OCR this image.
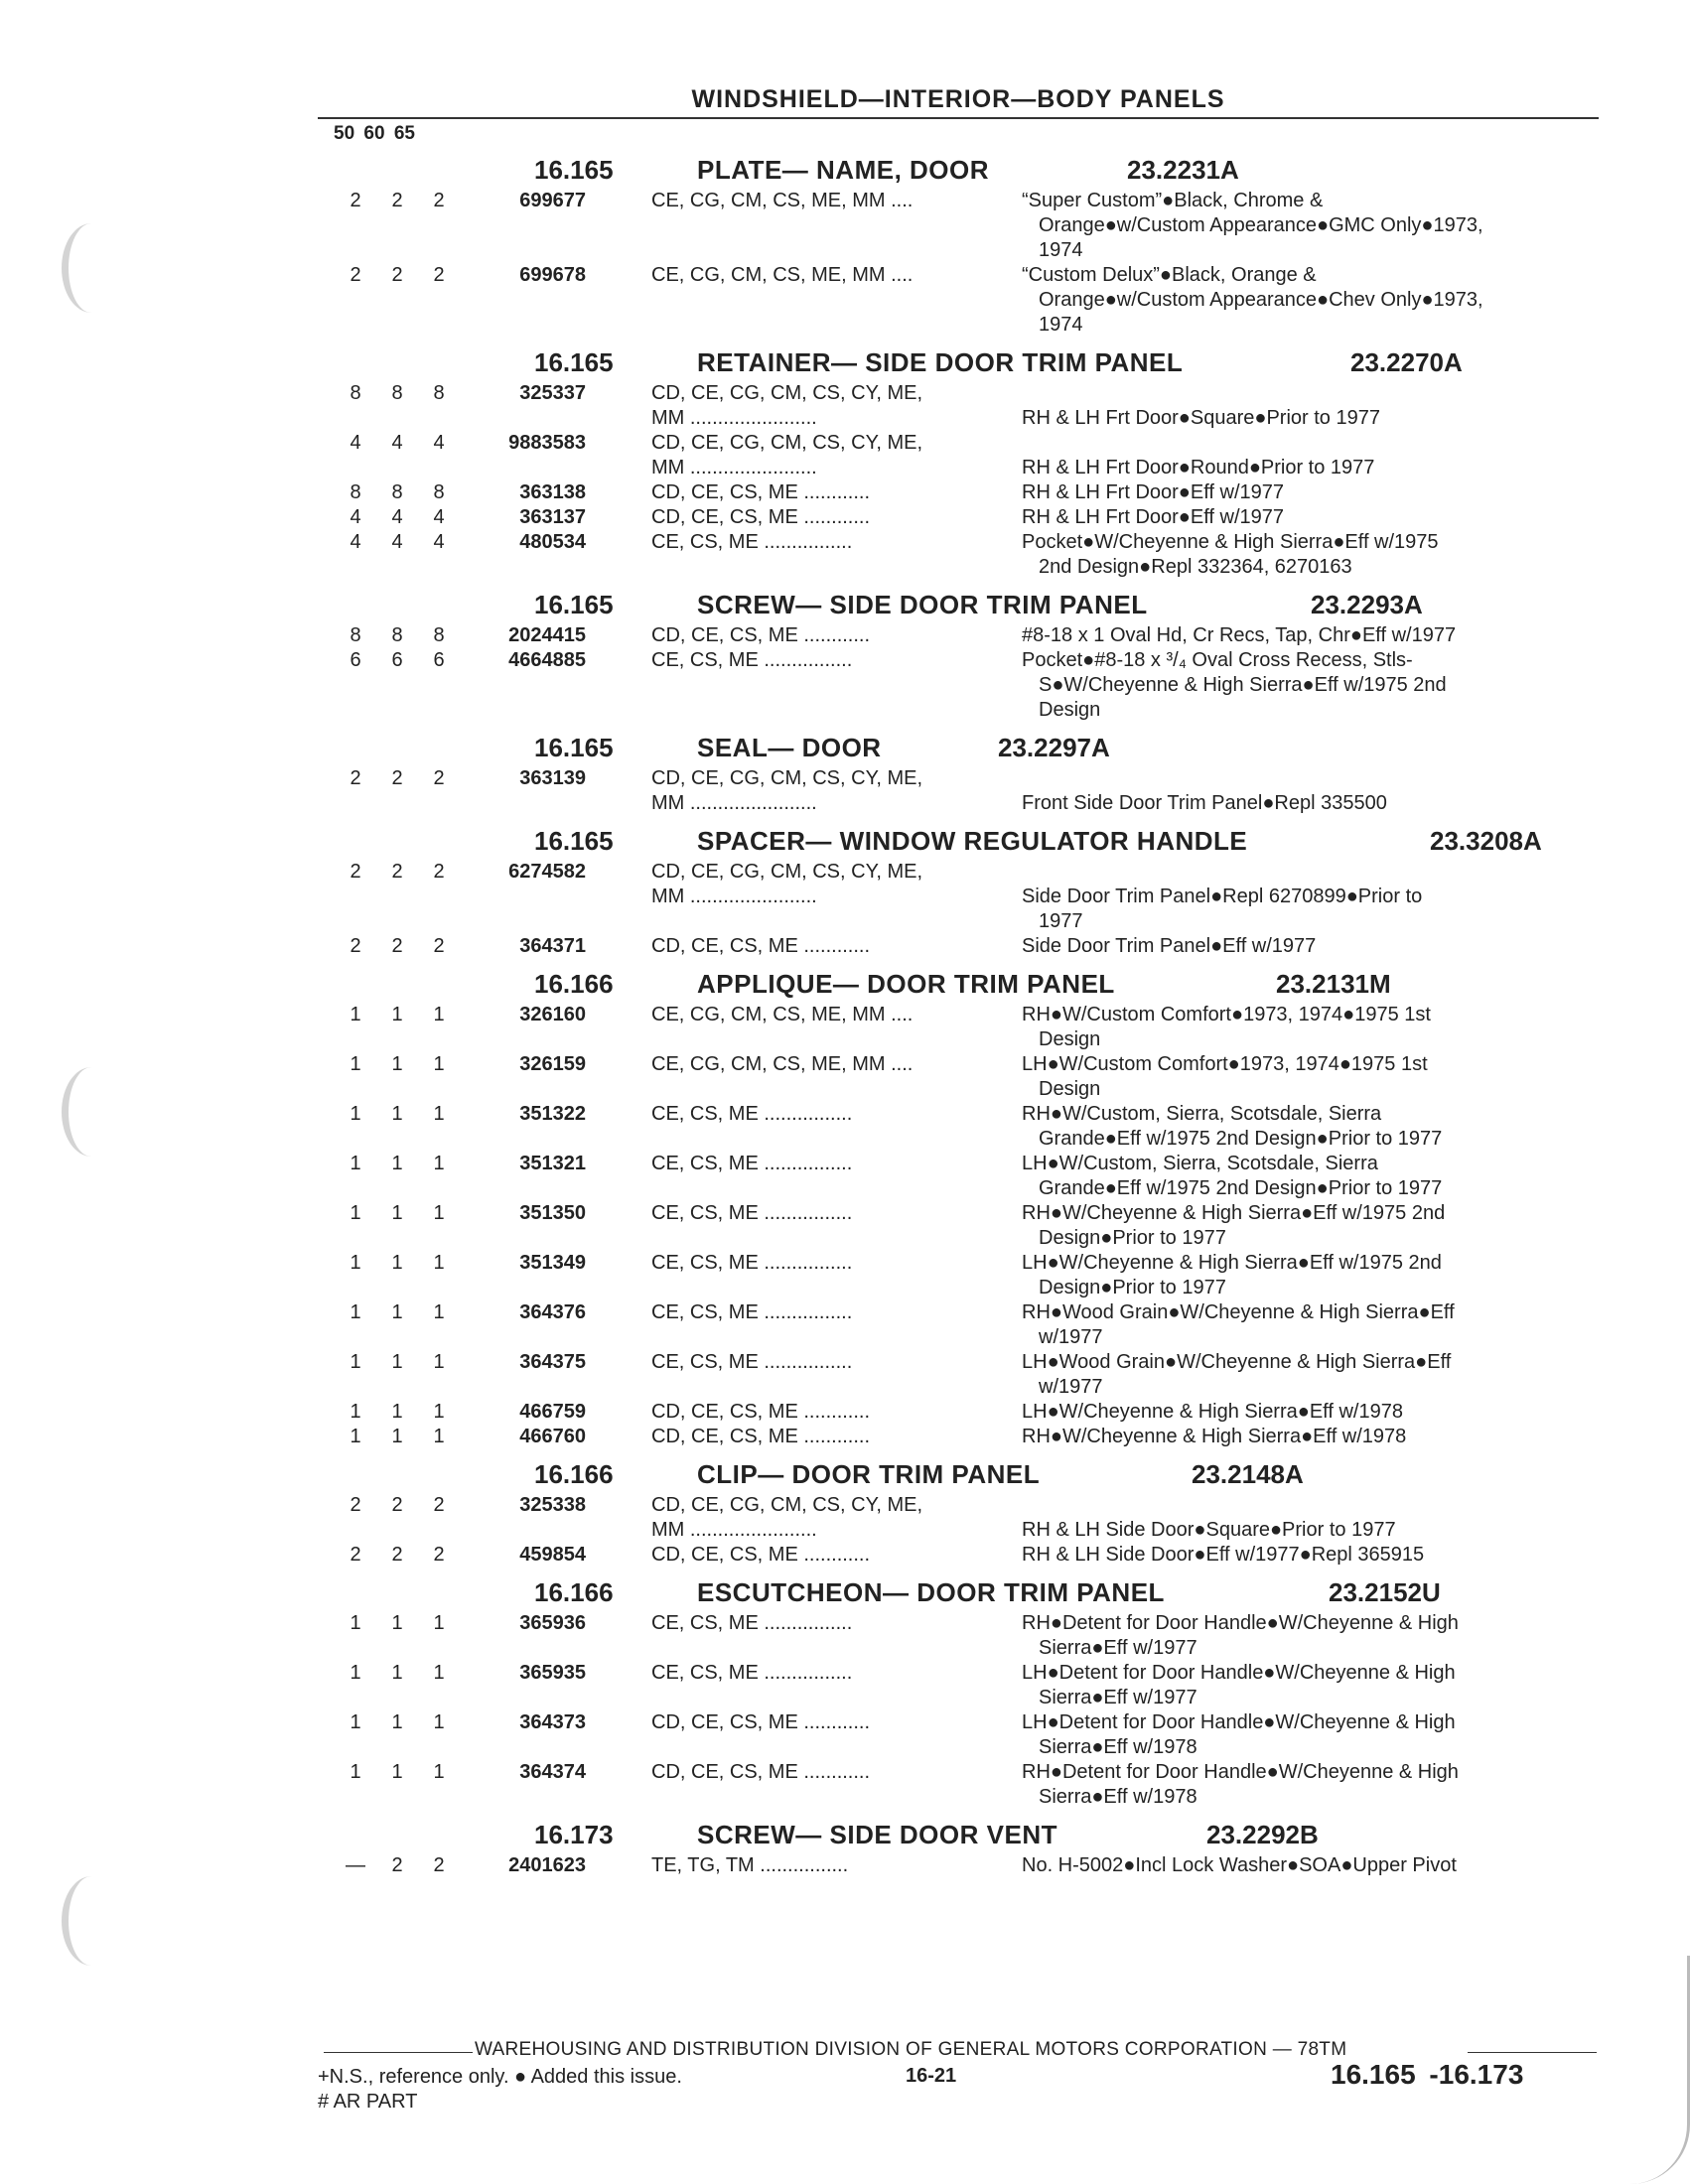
WINDSHIELD—INTERIOR—BODY PANELS
50 60 65
16.165	PLATE— NAME, DOOR	23.2231A
2	2	2	699677	CE, CG, CM, CS, ME, MM ....	“Super Custom”●Black, Chrome &
Orange●w/Custom Appearance●GMC Only●1973,
1974
2	2	2	699678	CE, CG, CM, CS, ME, MM ....	“Custom Delux”●Black, Orange &
Orange●w/Custom Appearance●Chev Only●1973,
1974
16.165	RETAINER— SIDE DOOR TRIM PANEL	23.2270A
8	8	8	325337	CD, CE, CG, CM, CS, CY, ME,
MM .......................	RH & LH Frt Door●Square●Prior to 1977
4	4	4	9883583	CD, CE, CG, CM, CS, CY, ME,
MM .......................	RH & LH Frt Door●Round●Prior to 1977
8	8	8	363138	CD, CE, CS, ME ............	RH & LH Frt Door●Eff w/1977
4	4	4	363137	CD, CE, CS, ME ............	RH & LH Frt Door●Eff w/1977
4	4	4	480534	CE, CS, ME ................	Pocket●W/Cheyenne & High Sierra●Eff w/1975
2nd Design●Repl 332364, 6270163
16.165	SCREW— SIDE DOOR TRIM PANEL	23.2293A
8	8	8	2024415	CD, CE, CS, ME ............	#8-18 x 1 Oval Hd, Cr Recs, Tap, Chr●Eff w/1977
6	6	6	4664885	CE, CS, ME ................	Pocket●#8-18 x ³/₄ Oval Cross Recess, Stls-
S●W/Cheyenne & High Sierra●Eff w/1975 2nd
Design
16.165	SEAL— DOOR	23.2297A
2	2	2	363139	CD, CE, CG, CM, CS, CY, ME,
MM .......................	Front Side Door Trim Panel●Repl 335500
16.165	SPACER— WINDOW REGULATOR HANDLE	23.3208A
2	2	2	6274582	CD, CE, CG, CM, CS, CY, ME,
MM .......................	Side Door Trim Panel●Repl 6270899●Prior to
1977
2	2	2	364371	CD, CE, CS, ME ............	Side Door Trim Panel●Eff w/1977
16.166	APPLIQUE— DOOR TRIM PANEL	23.2131M
1	1	1	326160	CE, CG, CM, CS, ME, MM ....	RH●W/Custom Comfort●1973, 1974●1975 1st
Design
1	1	1	326159	CE, CG, CM, CS, ME, MM ....	LH●W/Custom Comfort●1973, 1974●1975 1st
Design
1	1	1	351322	CE, CS, ME ................	RH●W/Custom, Sierra, Scotsdale, Sierra
Grande●Eff w/1975 2nd Design●Prior to 1977
1	1	1	351321	CE, CS, ME ................	LH●W/Custom, Sierra, Scotsdale, Sierra
Grande●Eff w/1975 2nd Design●Prior to 1977
1	1	1	351350	CE, CS, ME ................	RH●W/Cheyenne & High Sierra●Eff w/1975 2nd
Design●Prior to 1977
1	1	1	351349	CE, CS, ME ................	LH●W/Cheyenne & High Sierra●Eff w/1975 2nd
Design●Prior to 1977
1	1	1	364376	CE, CS, ME ................	RH●Wood Grain●W/Cheyenne & High Sierra●Eff
w/1977
1	1	1	364375	CE, CS, ME ................	LH●Wood Grain●W/Cheyenne & High Sierra●Eff
w/1977
1	1	1	466759	CD, CE, CS, ME ............	LH●W/Cheyenne & High Sierra●Eff w/1978
1	1	1	466760	CD, CE, CS, ME ............	RH●W/Cheyenne & High Sierra●Eff w/1978
16.166	CLIP— DOOR TRIM PANEL	23.2148A
2	2	2	325338	CD, CE, CG, CM, CS, CY, ME,
MM .......................	RH & LH Side Door●Square●Prior to 1977
2	2	2	459854	CD, CE, CS, ME ............	RH & LH Side Door●Eff w/1977●Repl 365915
16.166	ESCUTCHEON— DOOR TRIM PANEL	23.2152U
1	1	1	365936	CE, CS, ME ................	RH●Detent for Door Handle●W/Cheyenne & High
Sierra●Eff w/1977
1	1	1	365935	CE, CS, ME ................	LH●Detent for Door Handle●W/Cheyenne & High
Sierra●Eff w/1977
1	1	1	364373	CD, CE, CS, ME ............	LH●Detent for Door Handle●W/Cheyenne & High
Sierra●Eff w/1978
1	1	1	364374	CD, CE, CS, ME ............	RH●Detent for Door Handle●W/Cheyenne & High
Sierra●Eff w/1978
16.173	SCREW— SIDE DOOR VENT	23.2292B
—	2	2	2401623	TE, TG, TM ................	No. H-5002●Incl Lock Washer●SOA●Upper Pivot
WAREHOUSING AND DISTRIBUTION DIVISION OF GENERAL MOTORS CORPORATION — 78TM
+N.S., reference only. ● Added this issue.
# AR PART
16-21	16.165 -16.173
